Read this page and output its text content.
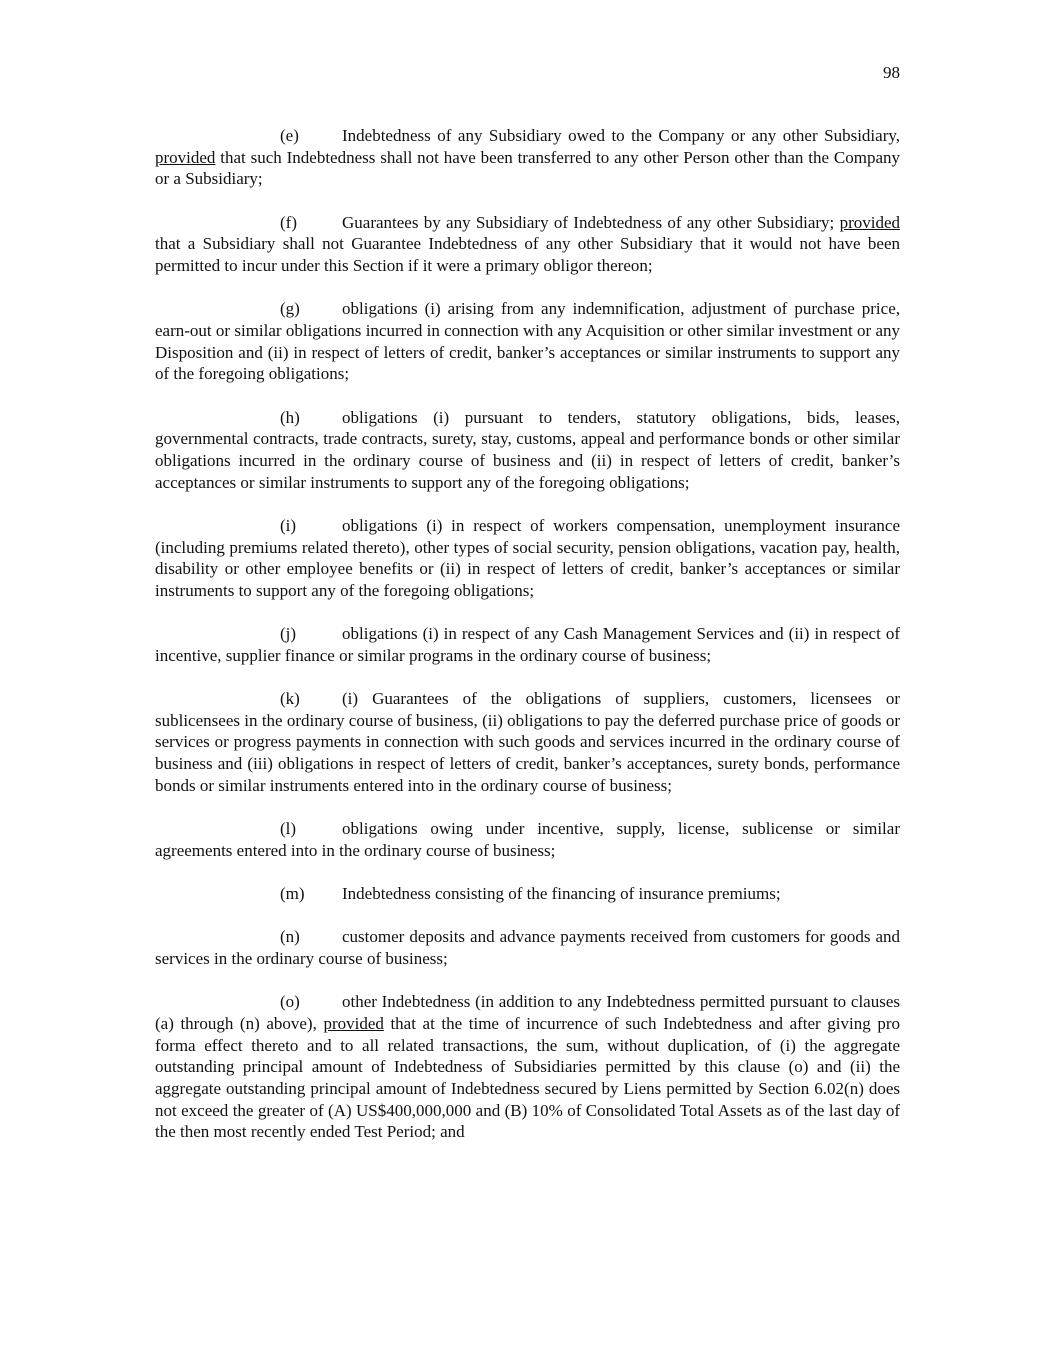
98

(e)	Indebtedness of any Subsidiary owed to the Company or any other Subsidiary, provided that such Indebtedness shall not have been transferred to any other Person other than the Company or a Subsidiary;

(f)	Guarantees by any Subsidiary of Indebtedness of any other Subsidiary; provided that a Subsidiary shall not Guarantee Indebtedness of any other Subsidiary that it would not have been permitted to incur under this Section if it were a primary obligor thereon;

(g) obligations (i) arising from any indemnification, adjustment of purchase price, earn-out or similar obligations incurred in connection with any Acquisition or other similar investment or any Disposition and (ii) in respect of letters of credit, banker’s acceptances or similar instruments to support any of the foregoing obligations;

(h) obligations (i) pursuant to tenders, statutory obligations, bids, leases, governmental contracts, trade contracts, surety, stay, customs, appeal and performance bonds or other similar obligations incurred in the ordinary course of business and (ii) in respect of letters of credit, banker’s acceptances or similar instruments to support any of the foregoing obligations;

(i)	obligations (i) in respect of workers compensation, unemployment insurance (including premiums related thereto), other types of social security, pension obligations, vacation pay, health, disability or other employee benefits or (ii) in respect of letters of credit, banker’s acceptances or similar instruments to support any of the foregoing obligations;

(j)	obligations (i) in respect of any Cash Management Services and (ii) in respect of incentive, supplier finance or similar programs in the ordinary course of business;

(k) (i) Guarantees of the obligations of suppliers, customers, licensees or sublicensees in the ordinary course of business, (ii) obligations to pay the deferred purchase price of goods or services or progress payments in connection with such goods and services incurred in the ordinary course of business and (iii) obligations in respect of letters of credit, banker’s acceptances, surety bonds, performance bonds or similar instruments entered into in the ordinary course of business;

(l)	obligations owing under incentive, supply, license, sublicense or similar agreements entered into in the ordinary course of business;

(m) Indebtedness consisting of the financing of insurance premiums;

(n) customer deposits and advance payments received from customers for goods and services in the ordinary course of business;

(o) other Indebtedness (in addition to any Indebtedness permitted pursuant to clauses (a) through (n) above), provided that at the time of incurrence of such Indebtedness and after giving pro forma effect thereto and to all related transactions, the sum, without duplication, of (i) the aggregate outstanding principal amount of Indebtedness of Subsidiaries permitted by this clause (o) and (ii) the aggregate outstanding principal amount of Indebtedness secured by Liens permitted by Section 6.02(n) does not exceed the greater of (A) US$400,000,000 and (B) 10% of Consolidated Total Assets as of the last day of the then most recently ended Test Period; and
